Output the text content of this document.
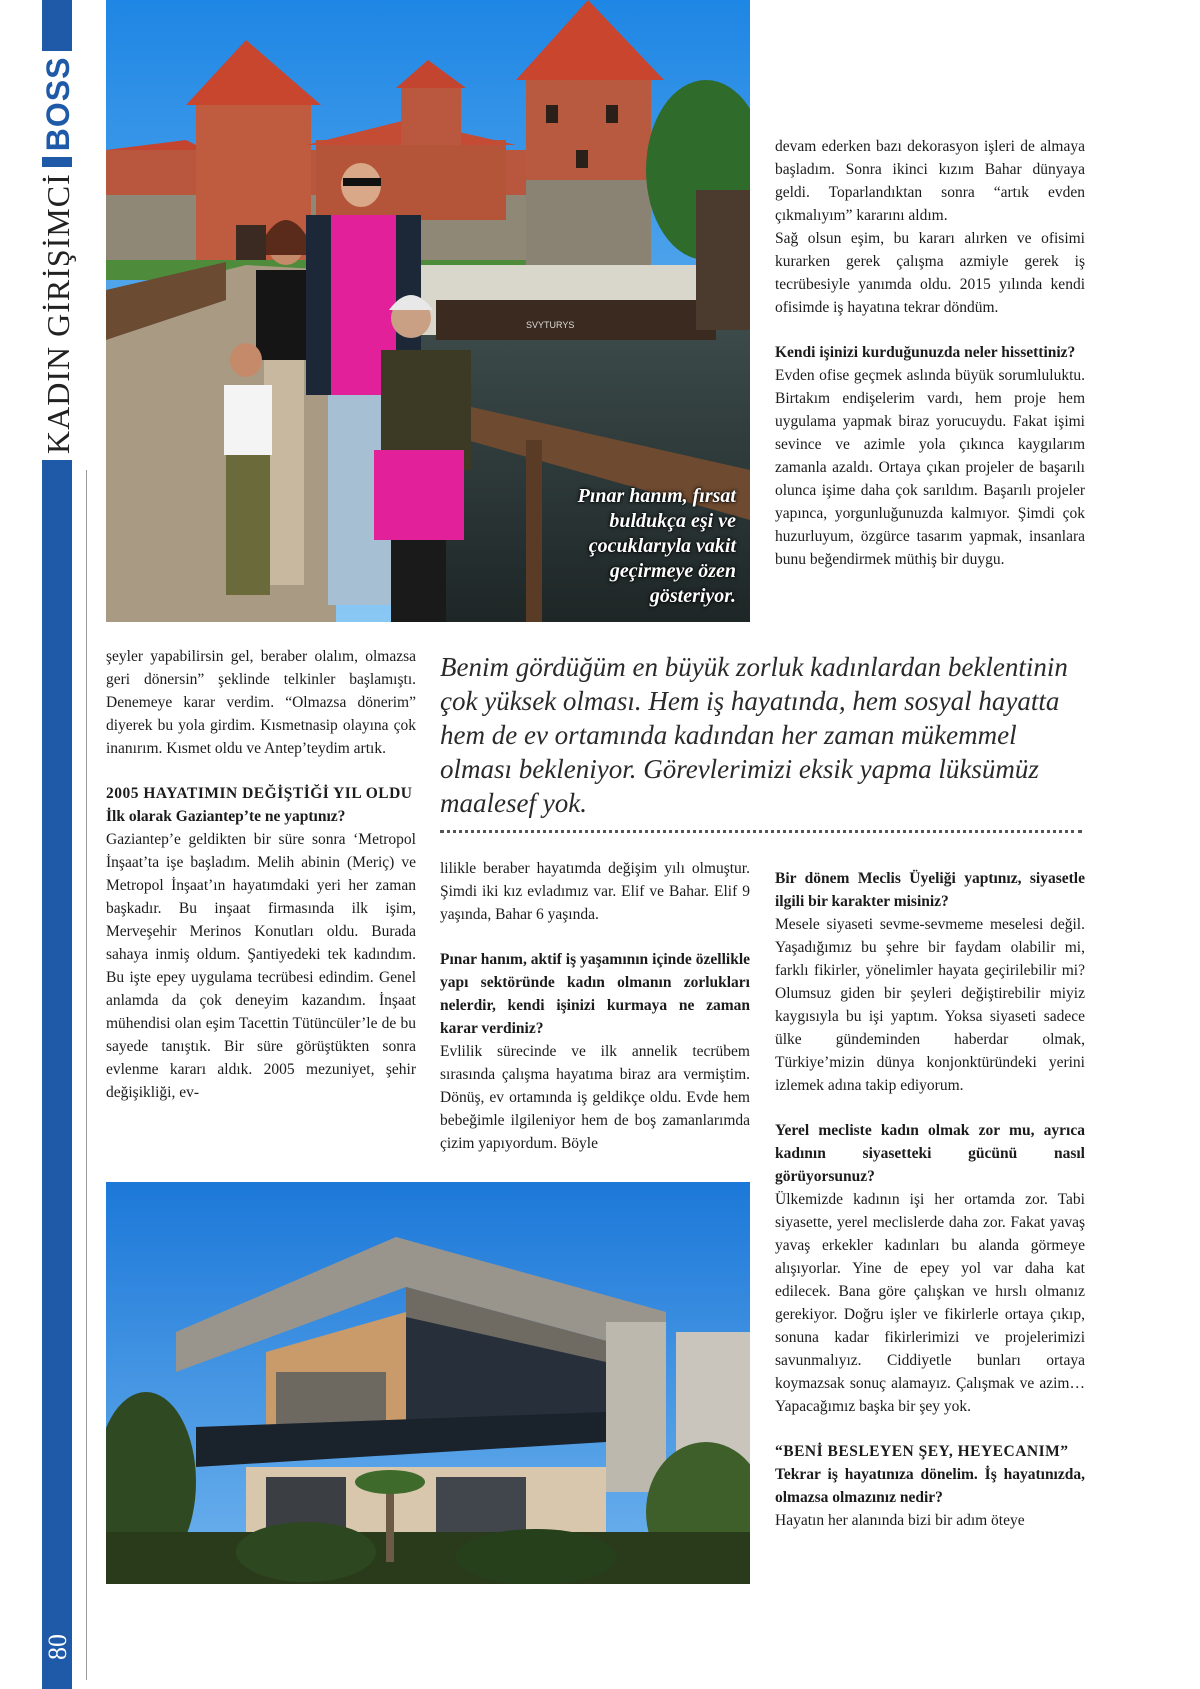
KADIN GİRİŞİMCİ
BOSS
80
SVYTURYS
Pınar hanım, fırsat buldukça eşi ve çocuklarıyla vakit geçirmeye özen gösteriyor.

devam ederken bazı dekorasyon işleri de almaya başladım. Sonra ikinci kızım Bahar dünyaya geldi. Toparlandıktan sonra “artık evden çıkmalıyım” kararını aldım.

Sağ olsun eşim, bu kararı alırken ve ofisimi kurarken gerek çalışma azmiyle gerek iş tecrübesiyle yanımda oldu. 2015 yılında kendi ofisimde iş hayatına tekrar döndüm.

Kendi işinizi kurduğunuzda neler hissettiniz?

Evden ofise geçmek aslında büyük sorumluluktu. Birtakım endişelerim vardı, hem proje hem uygulama yapmak biraz yorucuydu. Fakat işimi sevince ve azimle yola çıkınca kaygılarım zamanla azaldı. Ortaya çıkan projeler de başarılı olunca işime daha çok sarıldım. Başarılı projeler yapınca, yorgunluğunuzda kalmıyor. Şimdi çok huzurluyum, özgürce tasarım yapmak, insanlara bunu beğendirmek müthiş bir duygu.

şeyler yapabilirsin gel, beraber olalım, olmazsa geri dönersin” şeklinde telkinler başlamıştı. Denemeye karar verdim. “Olmazsa dönerim” diyerek bu yola girdim. Kısmetnasip olayına çok inanırım. Kısmet oldu ve Antep’teydim artık.

2005 HAYATIMIN DEĞİŞTİĞİ YIL OLDU

İlk olarak Gaziantep’te ne yaptınız?

Gaziantep’e geldikten bir süre sonra ‘Metropol İnşaat’ta işe başladım. Melih abinin (Meriç) ve Metropol İnşaat’ın hayatımdaki yeri her zaman başkadır. Bu inşaat firmasında ilk işim, Merveşehir Merinos Konutları oldu. Burada sahaya inmiş oldum. Şantiyedeki tek kadındım. Bu işte epey uygulama tecrübesi edindim. Genel anlamda da çok deneyim kazandım. İnşaat mühendisi olan eşim Tacettin Tütüncüler’le de bu sayede tanıştık. Bir süre görüştükten sonra evlenme kararı aldık. 2005 mezuniyet, şehir değişikliği, ev-

Benim gördüğüm en büyük zorluk kadınlardan beklentinin çok yüksek olması. Hem iş hayatında, hem sosyal hayatta hem de ev ortamında kadından her zaman mükemmel olması bekleniyor. Görevlerimizi eksik yapma lüksümüz maalesef yok.

lilikle beraber hayatımda değişim yılı olmuştur. Şimdi iki kız evladımız var. Elif ve Bahar. Elif 9 yaşında, Bahar 6 yaşında.

Pınar hanım, aktif iş yaşamının içinde özellikle yapı sektöründe kadın olmanın zorlukları nelerdir, kendi işinizi kurmaya ne zaman karar verdiniz?

Evlilik sürecinde ve ilk annelik tecrübem sırasında çalışma hayatıma biraz ara vermiştim. Dönüş, ev ortamında iş geldikçe oldu. Evde hem bebeğimle ilgileniyor hem de boş zamanlarımda çizim yapıyordum. Böyle

Bir dönem Meclis Üyeliği yaptınız, siyasetle ilgili bir karakter misiniz?

Mesele siyaseti sevme-sevmeme meselesi değil. Yaşadığımız bu şehre bir faydam olabilir mi, farklı fikirler, yönelimler hayata geçirilebilir mi? Olumsuz giden bir şeyleri değiştirebilir miyiz kaygısıyla bu işi yaptım. Yoksa siyaseti sadece ülke gündeminden haberdar olmak, Türkiye’mizin dünya konjonktüründeki yerini izlemek adına takip ediyorum.

Yerel mecliste kadın olmak zor mu, ayrıca kadının siyasetteki gücünü nasıl görüyorsunuz?

Ülkemizde kadının işi her ortamda zor. Tabi siyasette, yerel meclislerde daha zor. Fakat yavaş yavaş erkekler kadınları bu alanda görmeye alışıyorlar. Yine de epey yol var daha kat edilecek. Bana göre çalışkan ve hırslı olmanız gerekiyor. Doğru işler ve fikirlerle ortaya çıkıp, sonuna kadar fikirlerimizi ve projelerimizi savunmalıyız. Ciddiyetle bunları ortaya koymazsak sonuç alamayız. Çalışmak ve azim… Yapacağımız başka bir şey yok.

“BENİ BESLEYEN ŞEY, HEYECANIM”

Tekrar iş hayatınıza dönelim. İş hayatınızda, olmazsa olmazınız nedir?

Hayatın her alanında bizi bir adım öteye
